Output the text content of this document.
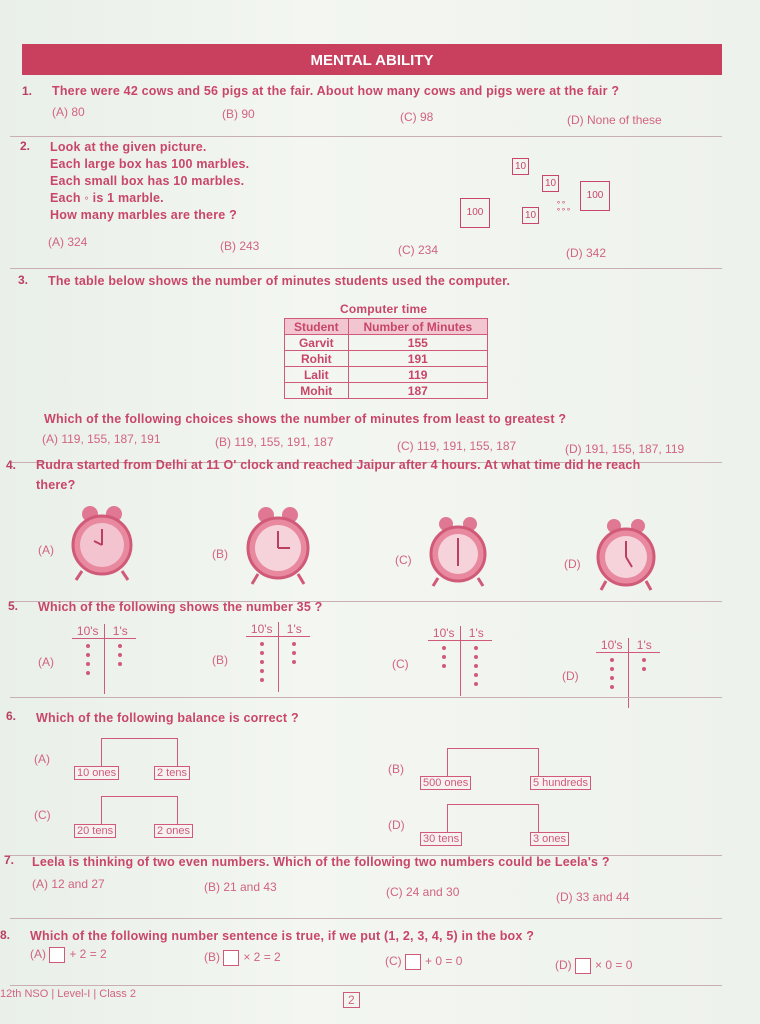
MENTAL ABILITY
1. There were 42 cows and 56 pigs at the fair. About how many cows and pigs were at the fair ?
(A) 80	(B) 90	(C) 98	(D) None of these
2. Look at the given picture.
Each large box has 100 marbles.
Each small box has 10 marbles.
Each ◦ is 1 marble.
How many marbles are there ?
10
10
100	10
∘∘
∘∘∘
100
(A) 324	(B) 243	(C) 234	(D) 342
3. The table below shows the number of minutes students used the computer.
Computer time
Student	Number of Minutes
Garvit	155
Rohit	191
Lalit	119
Mohit	187
Which of the following choices shows the number of minutes from least to greatest ?
(A) 119, 155, 187, 191	(B) 119, 155, 191, 187	(C) 119, 191, 155, 187	(D) 191, 155, 187, 119
4. Rudra started from Delhi at 11 O' clock and reached Jaipur after 4 hours. At what time did he reach
there?
(A)	(B)	(C)	(D)
5. Which of the following shows the number 35 ?
(A)
10's	1's
(B)
10's	1's
(C)
10's	1's
(D)
10's	1's
6. Which of the following balance is correct ?
(A)
10 ones	2 tens	(B)
500 ones	5 hundreds
(C)
20 tens	2 ones	(D)
30 tens	3 ones
7. Leela is thinking of two even numbers. Which of the following two numbers could be Leela's ?
(A) 12 and 27	(B) 21 and 43	(C) 24 and 30	(D) 33 and 44
8. Which of the following number sentence is true, if we put (1, 2, 3, 4, 5) in the box ?
(A) + 2 = 2	(B) × 2 = 2	(C) + 0 = 0	(D) × 0 = 0
12th NSO | Level-I | Class 2	2
